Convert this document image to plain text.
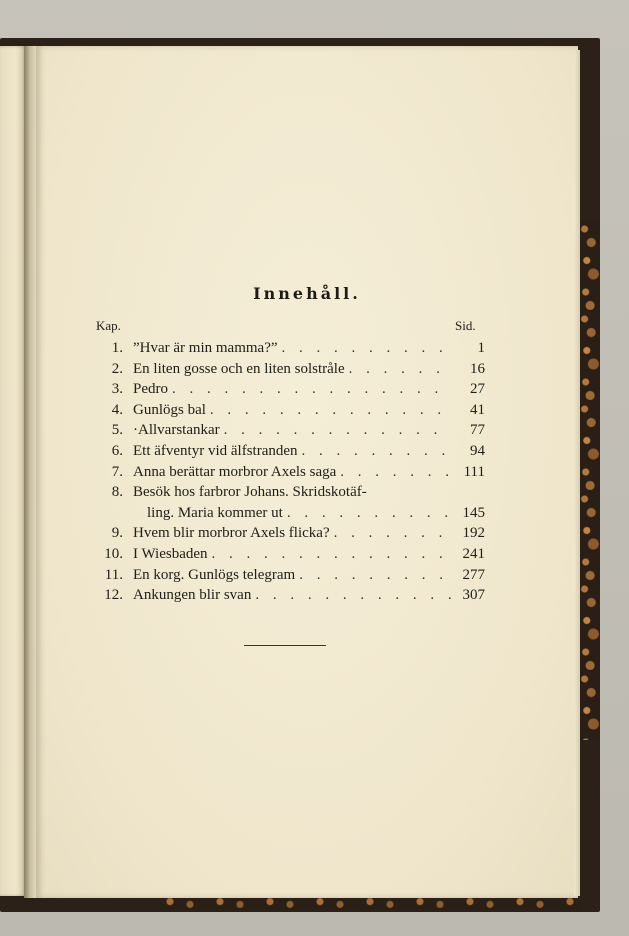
Innehåll.
Kap.	Sid.
1. ”Hvar är min mamma?” . . .	1
2. En liten gosse och en liten solstråle . . .	16
3. Pedro . . .	27
4. Gunlögs bal . . .	41
5. ·Allvarstankar . . .	77
6. Ett äfventyr vid älfstranden . . .	94
7. Anna berättar morbror Axels saga . . .	111
8. Besök hos farbror Johans. Skridskotäf-
ling. Maria kommer ut . . .	145
9. Hvem blir morbror Axels flicka? . . .	192
10. I Wiesbaden . . .	241
11. En korg. Gunlögs telegram . . .	277
12. Ankungen blir svan . . .	307
